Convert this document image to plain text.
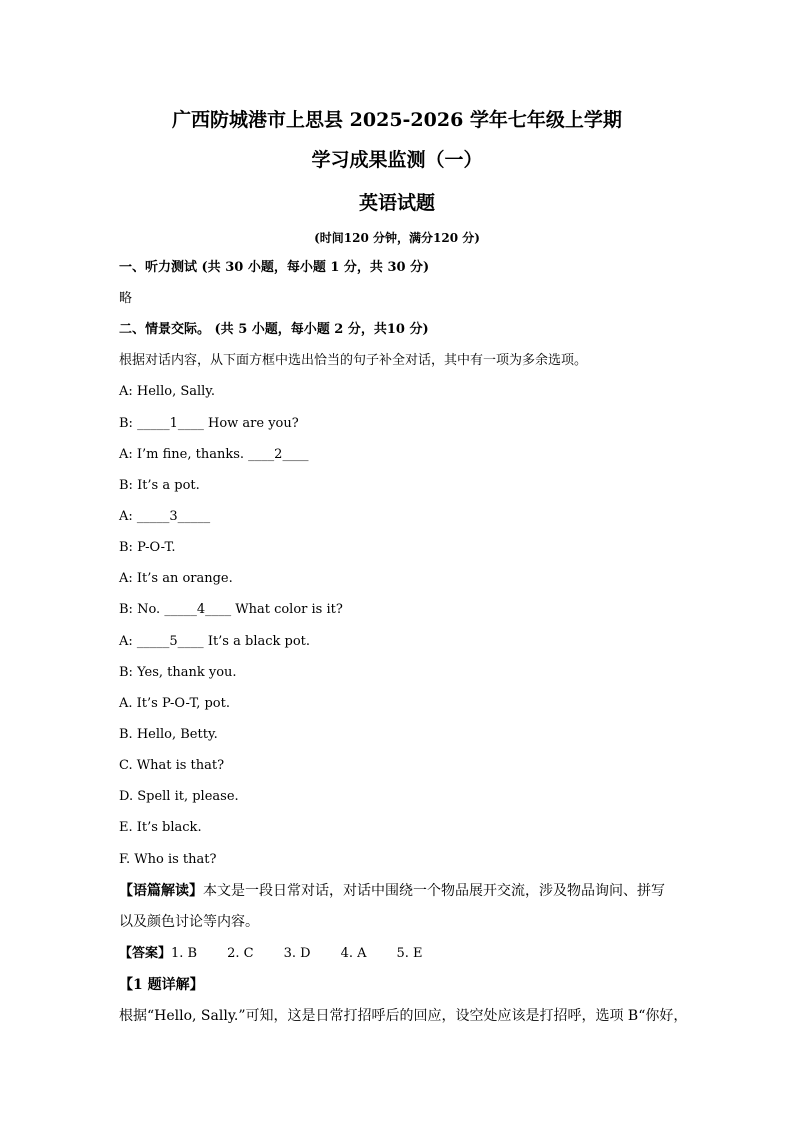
广西防城港市上思县 2025-2026 学年七年级上学期
学习成果监测（一）
英语试题
(时间120 分钟，满分120 分)
一、听力测试 (共 30 小题，每小题 1 分，共 30 分)
略
二、情景交际。 (共 5 小题，每小题 2 分，共10 分)
根据对话内容，从下面方框中选出恰当的句子补全对话，其中有一项为多余选项。
A: Hello, Sally.
B: _____1____ How are you?
A: I’m fine, thanks. ____2____
B: It’s a pot.
A: _____3_____
B: P-O-T.
A: It’s an orange.
B: No. _____4____ What color is it?
A: _____5____ It’s a black pot.
B: Yes, thank you.
A. It’s P-O-T, pot.
B. Hello, Betty.
C. What is that?
D. Spell it, please.
E. It’s black.
F. Who is that?
【语篇解读】本文是一段日常对话，对话中围绕一个物品展开交流，涉及物品询问、拼写
以及颜色讨论等内容。
【答案】1. B 2. C 3. D 4. A 5. E
【1 题详解】
根据“Hello, Sally.”可知，这是日常打招呼后的回应，设空处应该是打招呼，选项 B“你好，
